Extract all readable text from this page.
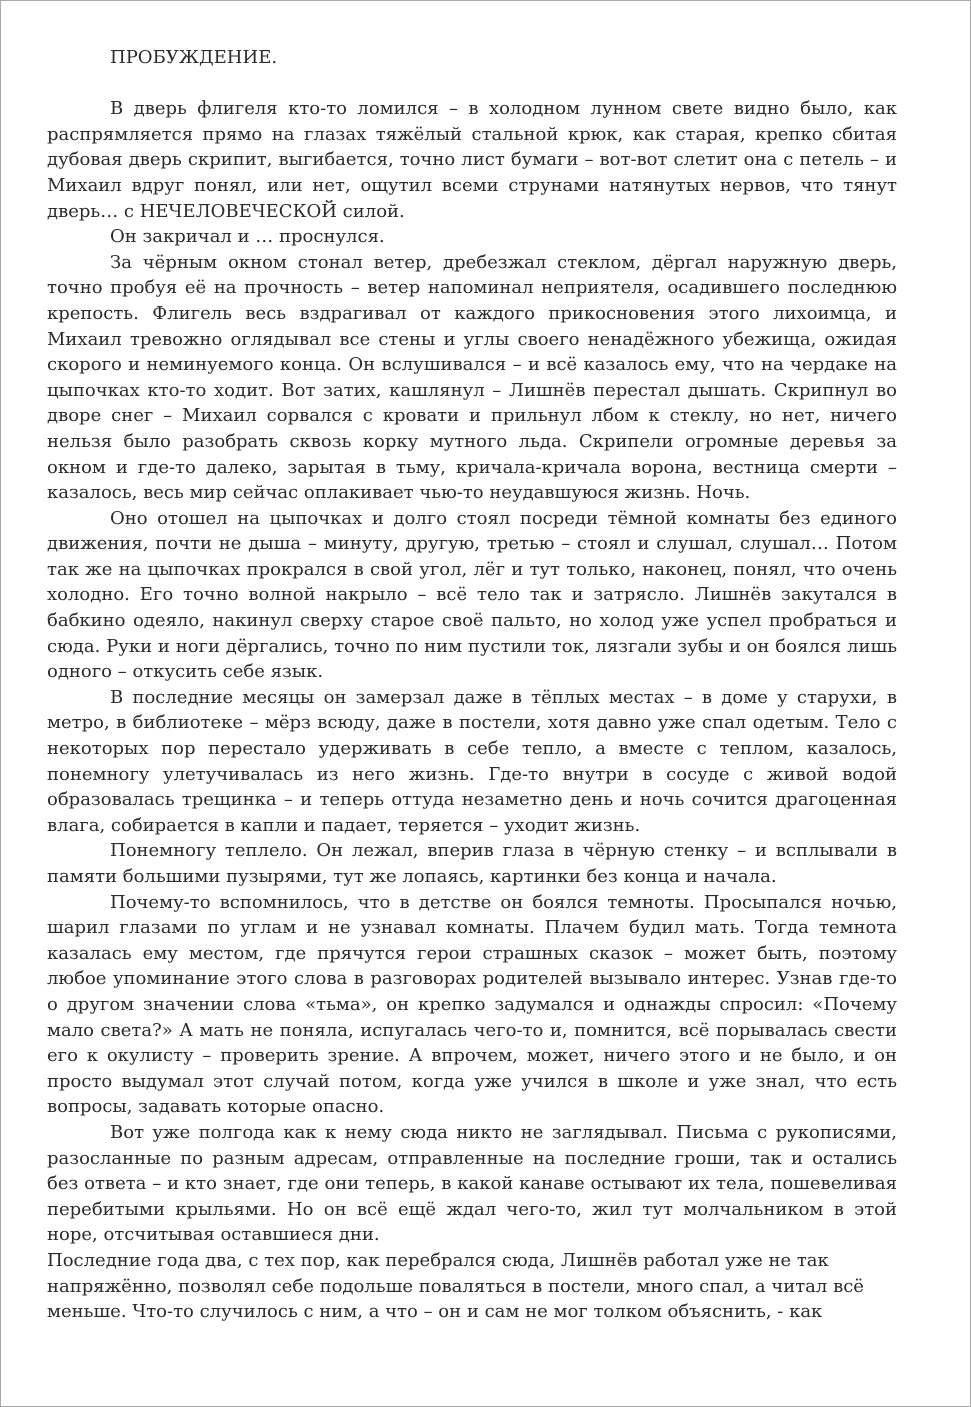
ПРОБУЖДЕНИЕ.

В дверь флигеля кто-то ломился – в холодном лунном свете видно было, как распрямляется прямо на глазах тяжёлый стальной крюк, как старая, крепко сбитая дубовая дверь скрипит, выгибается, точно лист бумаги – вот-вот слетит она с петель – и Михаил вдруг понял, или нет, ощутил всеми струнами натянутых нервов, что тянут дверь… с НЕЧЕЛОВЕЧЕСКОЙ силой.

Он закричал и … проснулся.

За чёрным окном стонал ветер, дребезжал стеклом, дёргал наружную дверь, точно пробуя её на прочность – ветер напоминал неприятеля, осадившего последнюю крепость. Флигель весь вздрагивал от каждого прикосновения этого лихоимца, и Михаил тревожно оглядывал все стены и углы своего ненадёжного убежища, ожидая скорого и неминуемого конца. Он вслушивался – и всё казалось ему, что на чердаке на цыпочках кто-то ходит. Вот затих, кашлянул – Лишнёв перестал дышать. Скрипнул во дворе снег – Михаил сорвался с кровати и прильнул лбом к стеклу, но нет, ничего нельзя было разобрать сквозь корку мутного льда. Скрипели огромные деревья за окном и где-то далеко, зарытая в тьму, кричала-кричала ворона, вестница смерти – казалось, весь мир сейчас оплакивает чью-то неудавшуюся жизнь. Ночь.

Оно отошел на цыпочках и долго стоял посреди тёмной комнаты без единого движения, почти не дыша – минуту, другую, третью – стоял и слушал, слушал… Потом так же на цыпочках прокрался в свой угол, лёг и тут только, наконец, понял, что очень холодно. Его точно волной накрыло – всё тело так и затрясло. Лишнёв закутался в бабкино одеяло, накинул сверху старое своё пальто, но холод уже успел пробраться и сюда. Руки и ноги дёргались, точно по ним пустили ток, лязгали зубы и он боялся лишь одного – откусить себе язык.

В последние месяцы он замерзал даже в тёплых местах – в доме у старухи, в метро, в библиотеке – мёрз всюду, даже в постели, хотя давно уже спал одетым. Тело с некоторых пор перестало удерживать в себе тепло, а вместе с теплом, казалось, понемногу улетучивалась из него жизнь. Где-то внутри в сосуде с живой водой образовалась трещинка – и теперь оттуда незаметно день и ночь сочится драгоценная влага, собирается в капли и падает, теряется – уходит жизнь.

Понемногу теплело. Он лежал, вперив глаза в чёрную стенку – и всплывали в памяти большими пузырями, тут же лопаясь, картинки без конца и начала.

Почему-то вспомнилось, что в детстве он боялся темноты. Просыпался ночью, шарил глазами по углам и не узнавал комнаты. Плачем будил мать. Тогда темнота казалась ему местом, где прячутся герои страшных сказок – может быть, поэтому любое упоминание этого слова в разговорах родителей вызывало интерес. Узнав где-то о другом значении слова «тьма», он крепко задумался и однажды спросил: «Почему мало света?» А мать не поняла, испугалась чего-то и, помнится, всё порывалась свести его к окулисту – проверить зрение. А впрочем, может, ничего этого и не было, и он просто выдумал этот случай потом, когда уже учился в школе и уже знал, что есть вопросы, задавать которые опасно.

Вот уже полгода как к нему сюда никто не заглядывал. Письма с рукописями, разосланные по разным адресам, отправленные на последние гроши, так и остались без ответа – и кто знает, где они теперь, в какой канаве остывают их тела, пошевеливая перебитыми крыльями. Но он всё ещё ждал чего-то, жил тут молчальником в этой норе, отсчитывая оставшиеся дни.

Последние года два, с тех пор, как перебрался сюда, Лишнёв работал уже не так
напряжённо, позволял себе подольше поваляться в постели, много спал, а читал всё
меньше. Что-то случилось с ним, а что – он и сам не мог толком объяснить, - как
